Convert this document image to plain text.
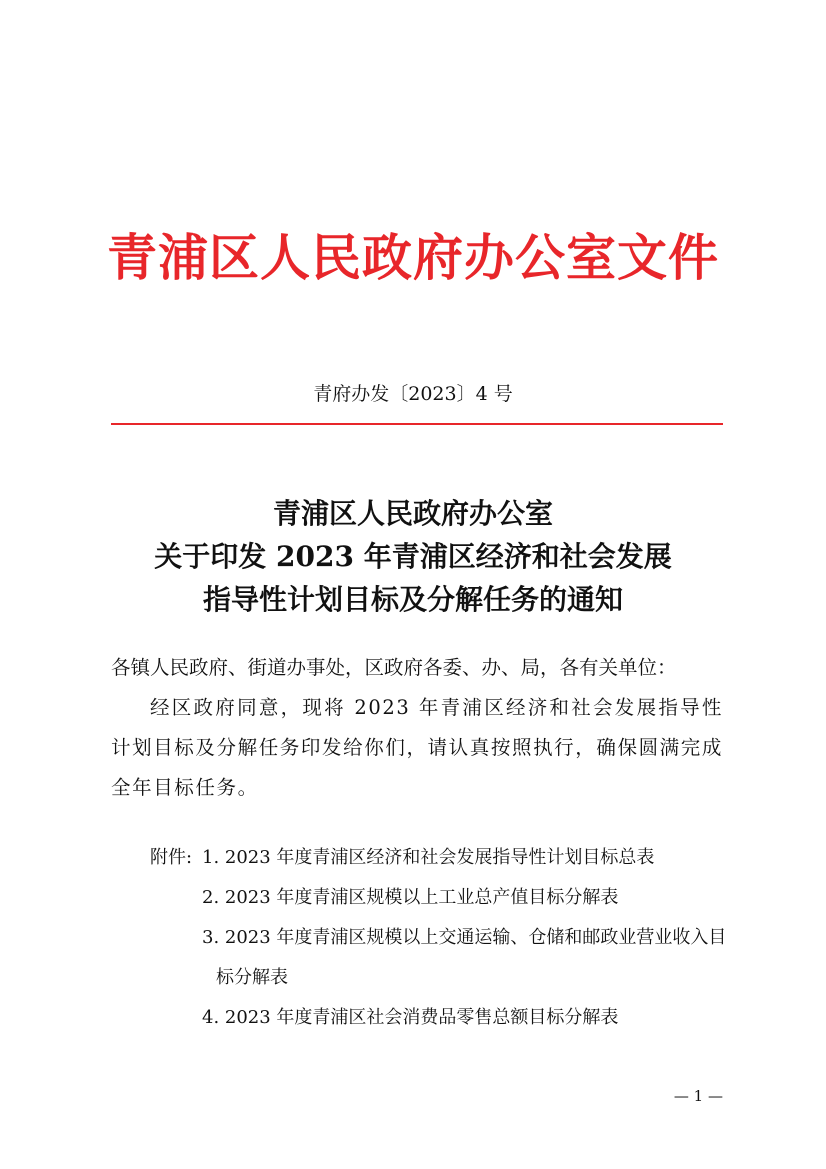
青浦区人民政府办公室文件
青府办发〔2023〕4 号
青浦区人民政府办公室
关于印发 2023 年青浦区经济和社会发展
指导性计划目标及分解任务的通知
各镇人民政府、街道办事处，区政府各委、办、局，各有关单位：
经区政府同意，现将 2023 年青浦区经济和社会发展指导性计划目标及分解任务印发给你们，请认真按照执行，确保圆满完成全年目标任务。
附件: 1. 2023 年度青浦区经济和社会发展指导性计划目标总表
2. 2023 年度青浦区规模以上工业总产值目标分解表
3. 2023 年度青浦区规模以上交通运输、仓储和邮政业营业收入目标分解表
4. 2023 年度青浦区社会消费品零售总额目标分解表
— 1 —
